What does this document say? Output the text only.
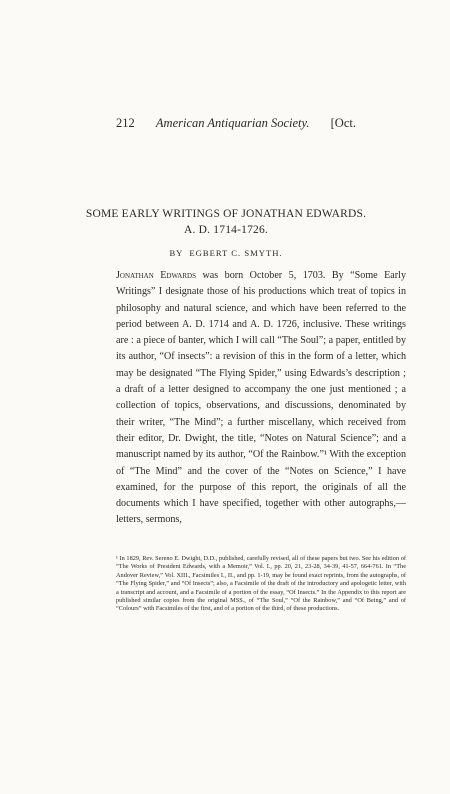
212 American Antiquarian Society. [Oct.
SOME EARLY WRITINGS OF JONATHAN EDWARDS.
A. D. 1714-1726.
BY EGBERT C. SMYTH.

Jonathan Edwards was born October 5, 1703. By “Some Early Writings” I designate those of his productions which treat of topics in philosophy and natural science, and which have been referred to the period between A. D. 1714 and A. D. 1726, inclusive. These writings are : a piece of banter, which I will call “The Soul”; a paper, entitled by its author, “Of insects”: a revision of this in the form of a letter, which may be designated “The Flying Spider,” using Edwards’s description ; a draft of a letter designed to accompany the one just mentioned ; a collection of topics, observations, and discussions, denominated by their writer, “The Mind”; a further miscellany, which received from their editor, Dr. Dwight, the title, “Notes on Natural Science”; and a manuscript named by its author, “Of the Rainbow.”¹ With the exception of “The Mind” and the cover of the “Notes on Science,” I have examined, for the purpose of this report, the originals of all the documents which I have specified, together with other autographs,—letters, sermons,

¹ In 1829, Rev. Sereno E. Dwight, D.D., published, carefully revised, all of these papers but two. See his edition of “The Works of President Edwards, with a Memoir,” Vol. I., pp. 20, 21, 23-28, 34-39, 41-57, 664-761. In “The Andover Review,” Vol. XIII., Facsimiles I., II., and pp. 1-19, may be found exact reprints, from the autographs, of “The Flying Spider,” and “Of Insects”; also, a Facsimile of the draft of the introductory and apologetic letter, with a transcript and account, and a Facsimile of a portion of the essay, “Of Insects.” In the Appendix to this report are published similar copies from the original MSS., of “The Soul,” “Of the Rainbow,” and “Of Being,” and of “Colours” with Facsimiles of the first, and of a portion of the third, of these productions.
